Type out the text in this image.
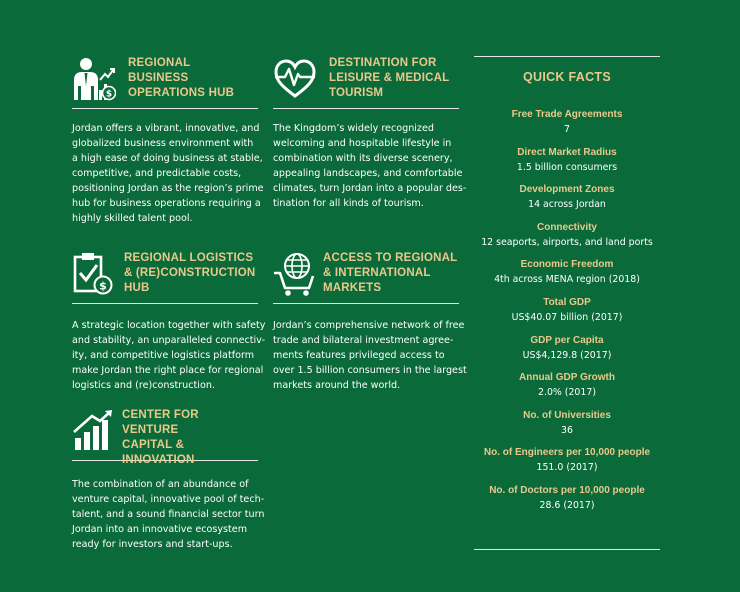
$
REGIONAL
BUSINESS
OPERATIONS HUB
Jordan offers a vibrant, innovative, and
globalized business environment with
a high ease of doing business at stable,
competitive, and predictable costs,
positioning Jordan as the region’s prime
hub for business operations requiring a
highly skilled talent pool.
DESTINATION FOR
LEISURE & MEDICAL
TOURISM
The Kingdom’s widely recognized
welcoming and hospitable lifestyle in
combination with its diverse scenery,
appealing landscapes, and comfortable
climates, turn Jordan into a popular des-
tination for all kinds of tourism.
$
REGIONAL LOGISTICS
& (RE)CONSTRUCTION
HUB
A strategic location together with safety
and stability, an unparalleled connectiv-
ity, and competitive logistics platform
make Jordan the right place for regional
logistics and (re)construction.
ACCESS TO REGIONAL
& INTERNATIONAL
MARKETS
Jordan’s comprehensive network of free
trade and bilateral investment agree-
ments features privileged access to
over 1.5 billion consumers in the largest
markets around the world.
CENTER FOR VENTURE
CAPITAL & INNOVATION
The combination of an abundance of
venture capital, innovative pool of tech-
talent, and a sound financial sector turn
Jordan into an innovative ecosystem
ready for investors and start-ups.
QUICK FACTS
Free Trade Agreements
7
Direct Market Radius
1.5 billion consumers
Development Zones
14 across Jordan
Connectivity
12 seaports, airports, and land ports
Economic Freedom
4th across MENA region (2018)
Total GDP
US$40.07 billion (2017)
GDP per Capita
US$4,129.8 (2017)
Annual GDP Growth
2.0% (2017)
No. of Universities
36
No. of Engineers per 10,000 people
151.0 (2017)
No. of Doctors per 10,000 people
28.6 (2017)
